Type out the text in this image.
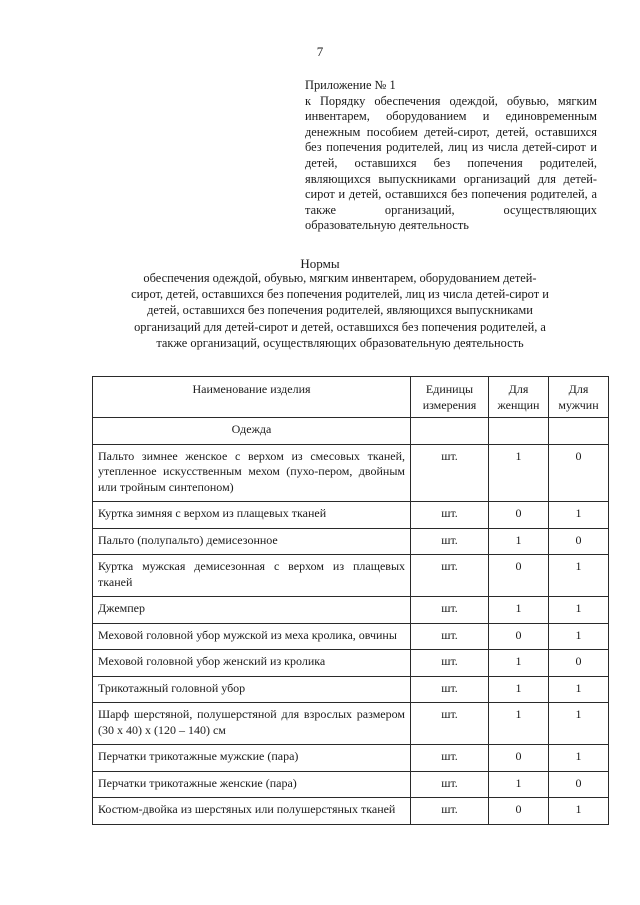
7
Приложение № 1
к Порядку обеспечения одеждой, обувью, мягким инвентарем, оборудованием и единовременным денежным пособием детей-сирот, детей, оставшихся без попечения родителей, лиц из числа детей-сирот и детей, оставшихся без попечения родителей, являющихся выпускниками организаций для детей-сирот и детей, оставшихся без попечения родителей, а также организаций, осуществляющих образовательную деятельность
Нормы
обеспечения одеждой, обувью, мягким инвентарем, оборудованием детей-сирот, детей, оставшихся без попечения родителей, лиц из числа детей-сирот и детей, оставшихся без попечения родителей, являющихся выпускниками организаций для детей-сирот и детей, оставшихся без попечения родителей, а также организаций, осуществляющих образовательную деятельность
Наименование изделия	Единицы измерения	Для женщин	Для мужчин
Одежда			
Пальто зимнее женское с верхом из смесовых тканей, утепленное искусственным мехом (пухо-пером, двойным или тройным синтепоном)	шт.	1	0
Куртка зимняя с верхом из плащевых тканей	шт.	0	1
Пальто (полупальто) демисезонное	шт.	1	0
Куртка мужская демисезонная с верхом из плащевых тканей	шт.	0	1
Джемпер	шт.	1	1
Меховой головной убор мужской из меха кролика, овчины	шт.	0	1
Меховой головной убор женский из кролика	шт.	1	0
Трикотажный головной убор	шт.	1	1
Шарф шерстяной, полушерстяной для взрослых размером (30 х 40) х (120 – 140) см	шт.	1	1
Перчатки трикотажные мужские (пара)	шт.	0	1
Перчатки трикотажные женские (пара)	шт.	1	0
Костюм-двойка из шерстяных или полушерстяных тканей	шт.	0	1
